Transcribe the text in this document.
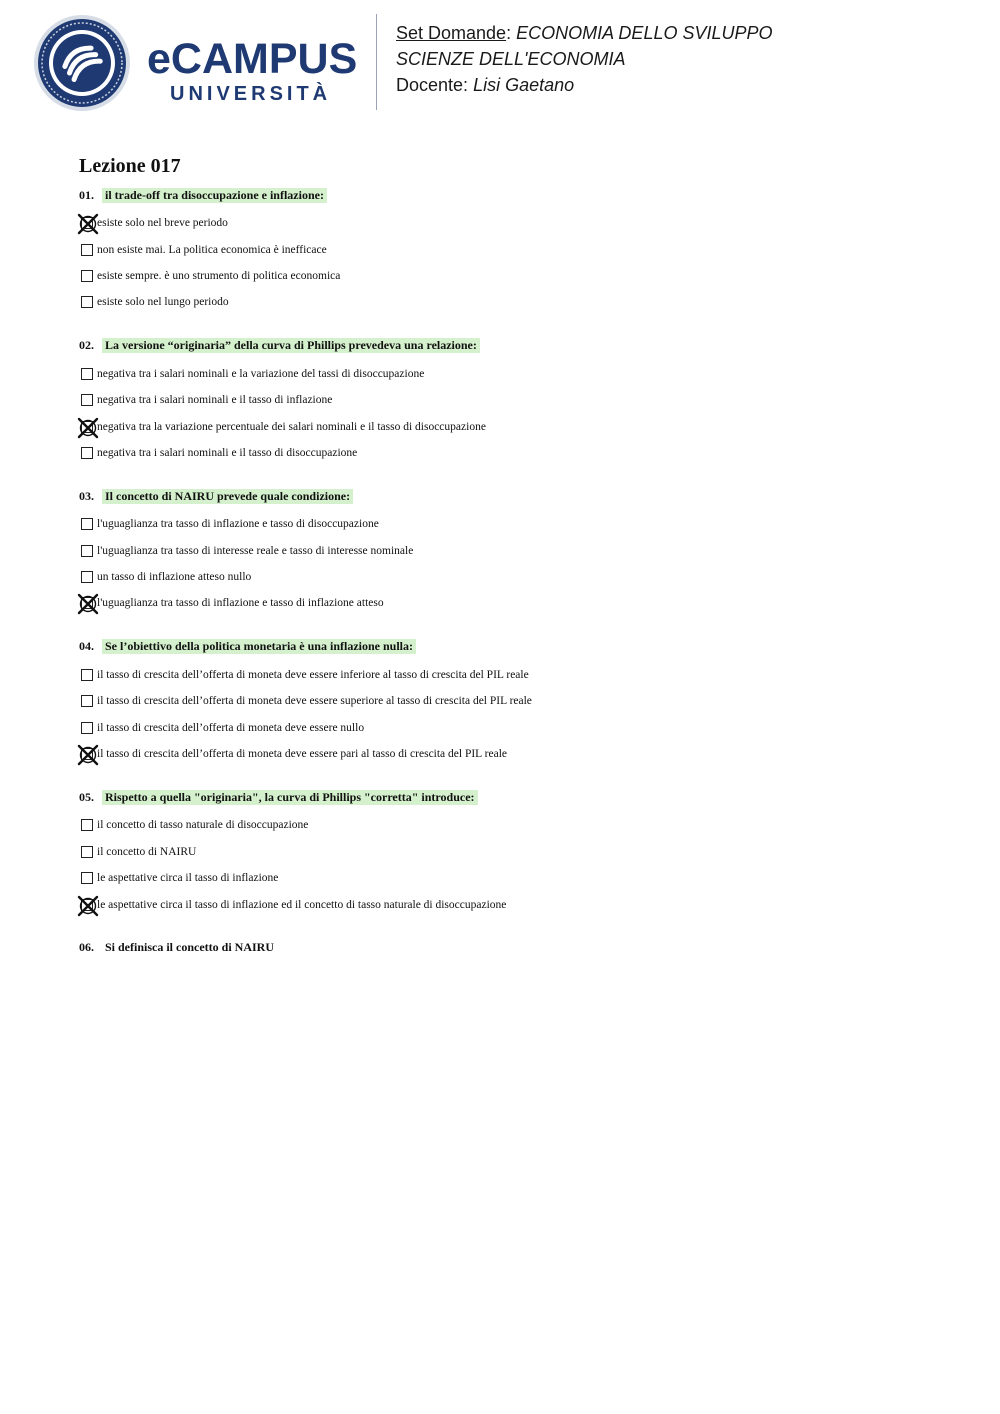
eCAMPUS
UNIVERSITÀ
Set Domande: ECONOMIA DELLO SVILUPPO
SCIENZE DELL'ECONOMIA
Docente: Lisi Gaetano
Lezione 017
01. il trade-off tra disoccupazione e inflazione:
esiste solo nel breve periodo
non esiste mai. La politica economica è inefficace
esiste sempre. è uno strumento di politica economica
esiste solo nel lungo periodo
02. La versione “originaria” della curva di Phillips prevedeva una relazione:
negativa tra i salari nominali e la variazione del tassi di disoccupazione
negativa tra i salari nominali e il tasso di inflazione
negativa tra la variazione percentuale dei salari nominali e il tasso di disoccupazione
negativa tra i salari nominali e il tasso di disoccupazione
03. Il concetto di NAIRU prevede quale condizione:
l'uguaglianza tra tasso di inflazione e tasso di disoccupazione
l'uguaglianza tra tasso di interesse reale e tasso di interesse nominale
un tasso di inflazione atteso nullo
l'uguaglianza tra tasso di inflazione e tasso di inflazione atteso
04. Se l’obiettivo della politica monetaria è una inflazione nulla:
il tasso di crescita dell’offerta di moneta deve essere inferiore al tasso di crescita del PIL reale
il tasso di crescita dell’offerta di moneta deve essere superiore al tasso di crescita del PIL reale
il tasso di crescita dell’offerta di moneta deve essere nullo
il tasso di crescita dell’offerta di moneta deve essere pari al tasso di crescita del PIL reale
05. Rispetto a quella "originaria", la curva di Phillips "corretta" introduce:
il concetto di tasso naturale di disoccupazione
il concetto di NAIRU
le aspettative circa il tasso di inflazione
le aspettative circa il tasso di inflazione ed il concetto di tasso naturale di disoccupazione
06. Si definisca il concetto di NAIRU
